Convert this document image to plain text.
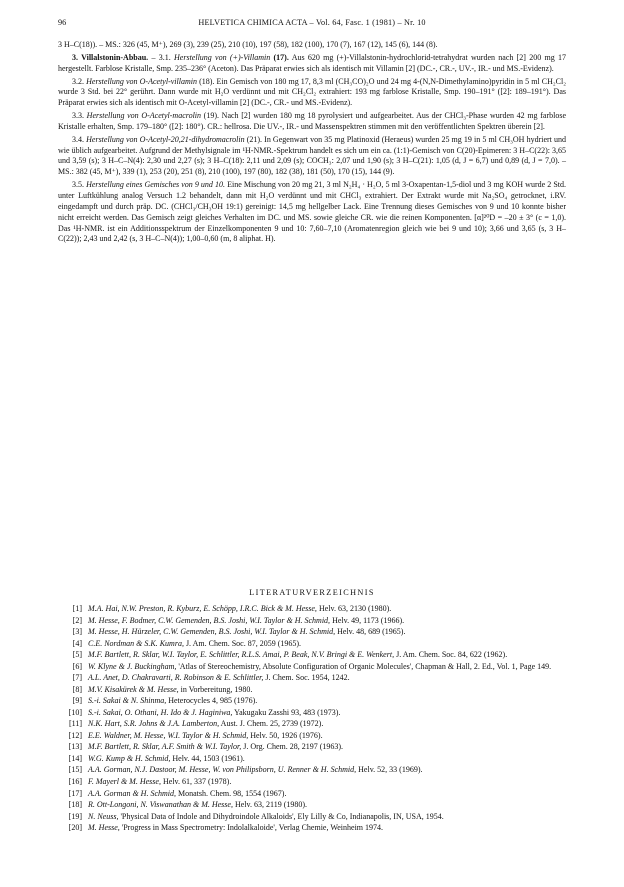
96	HELVETICA CHIMICA ACTA – Vol. 64, Fasc. 1 (1981) – Nr. 10

3 H–C(18)). – MS.: 326 (45, M⁺), 269 (3), 239 (25), 210 (10), 197 (58), 182 (100), 170 (7), 167 (12), 145 (6), 144 (8).

3. Villalstonin-Abbau. – 3.1. Herstellung von (+)-Villamin (17). Aus 620 mg (+)-Villalstonin-hydrochlorid-tetrahydrat wurden nach [2] 200 mg 17 hergestellt. Farblose Kristalle, Smp. 235–236° (Aceton). Das Präparat erwies sich als identisch mit Villamin [2] (DC.-, CR.-, UV.-, IR.- und MS.-Evidenz).

3.2. Herstellung von O-Acetyl-villamin (18). Ein Gemisch von 180 mg 17, 8,3 ml (CH₃CO)₂O und 24 mg 4-(N,N-Dimethylamino)pyridin in 5 ml CH₂Cl₂ wurde 3 Std. bei 22° gerührt. Dann wurde mit H₂O verdünnt und mit CH₂Cl₂ extrahiert: 193 mg farblose Kristalle, Smp. 190–191° ([2]: 189–191°). Das Präparat erwies sich als identisch mit O-Acetyl-villamin [2] (DC.-, CR.- und MS.-Evidenz).

3.3. Herstellung von O-Acetyl-macrolin (19). Nach [2] wurden 180 mg 18 pyrolysiert und aufgearbeitet. Aus der CHCl₃-Phase wurden 42 mg farblose Kristalle erhalten, Smp. 179–180° ([2]: 180°). CR.: hellrosa. Die UV.-, IR.- und Massenspektren stimmen mit den veröffentlichten Spektren überein [2].

3.4. Herstellung von O-Acetyl-20,21-dihydromacrolin (21). In Gegenwart von 35 mg Platinoxid (Heraeus) wurden 25 mg 19 in 5 ml CH₃OH hydriert und wie üblich aufgearbeitet. Aufgrund der Methylsignale im ¹H-NMR.-Spektrum handelt es sich um ein ca. (1:1)-Gemisch von C(20)-Epimeren: 3 H–C(22): 3,65 und 3,59 (s); 3 H–C–N(4): 2,30 und 2,27 (s); 3 H–C(18): 2,11 und 2,09 (s); COCH₃: 2,07 und 1,90 (s); 3 H–C(21): 1,05 (d, J = 6,7) und 0,89 (d, J = 7,0). – MS.: 382 (45, M⁺), 339 (1), 253 (20), 251 (8), 210 (100), 197 (80), 182 (38), 181 (50), 170 (15), 144 (9).

3.5. Herstellung eines Gemisches von 9 und 10. Eine Mischung von 20 mg 21, 3 ml N₂H₄ · H₂O, 5 ml 3-Oxapentan-1,5-diol und 3 mg KOH wurde 2 Std. unter Luftkühlung analog Versuch 1.2 behandelt, dann mit H₂O verdünnt und mit CHCl₃ extrahiert. Der Extrakt wurde mit Na₂SO₄ getrocknet, i.RV. eingedampft und durch präp. DC. (CHCl₃/CH₃OH 19:1) gereinigt: 14,5 mg hellgelber Lack. Eine Trennung dieses Gemisches von 9 und 10 konnte bisher nicht erreicht werden. Das Gemisch zeigt gleiches Verhalten im DC. und MS. sowie gleiche CR. wie die reinen Komponenten. [α]²⁰D = –20 ± 3° (c = 1,0). Das ¹H-NMR. ist ein Additionsspektrum der Einzelkomponenten 9 und 10: 7,60–7,10 (Aromatenregion gleich wie bei 9 und 10); 3,66 und 3,65 (s, 3 H–C(22)); 2,43 und 2,42 (s, 3 H–C–N(4)); 1,00–0,60 (m, 8 aliphat. H).

LITERATURVERZEICHNIS
[1] M.A. Hai, N.W. Preston, R. Kyburz, E. Schöpp, I.R.C. Bick & M. Hesse, Helv. 63, 2130 (1980).
[2] M. Hesse, F. Bodmer, C.W. Gemenden, B.S. Joshi, W.I. Taylor & H. Schmid, Helv. 49, 1173 (1966).
[3] M. Hesse, H. Hürzeler, C.W. Gemenden, B.S. Joshi, W.I. Taylor & H. Schmid, Helv. 48, 689 (1965).
[4] C.E. Nordman & S.K. Kumra, J. Am. Chem. Soc. 87, 2059 (1965).
[5] M.F. Bartlett, R. Sklar, W.I. Taylor, E. Schlittler, R.L.S. Amai, P. Beak, N.V. Bringi & E. Wenkert, J. Am. Chem. Soc. 84, 622 (1962).
[6] W. Klyne & J. Buckingham, 'Atlas of Stereochemistry, Absolute Configuration of Organic Molecules', Chapman & Hall, 2. Ed., Vol. 1, Page 149.
[7] A.L. Anet, D. Chakravarti, R. Robinson & E. Schlittler, J. Chem. Soc. 1954, 1242.
[8] M.V. Kisakürek & M. Hesse, in Vorbereitung, 1980.
[9] S.-i. Sakai & N. Shinma, Heterocycles 4, 985 (1976).
[10] S.-i. Sakai, O. Othani, H. Ido & J. Haginiwa, Yakugaku Zasshi 93, 483 (1973).
[11] N.K. Hart, S.R. Johns & J.A. Lamberton, Aust. J. Chem. 25, 2739 (1972).
[12] E.E. Waldner, M. Hesse, W.I. Taylor & H. Schmid, Helv. 50, 1926 (1976).
[13] M.F. Bartlett, R. Sklar, A.F. Smith & W.I. Taylor, J. Org. Chem. 28, 2197 (1963).
[14] W.G. Kump & H. Schmid, Helv. 44, 1503 (1961).
[15] A.A. Gorman, N.J. Dastoor, M. Hesse, W. von Philipsborn, U. Renner & H. Schmid, Helv. 52, 33 (1969).
[16] F. Mayerl & M. Hesse, Helv. 61, 337 (1978).
[17] A.A. Gorman & H. Schmid, Monatsh. Chem. 98, 1554 (1967).
[18] R. Ott-Longoni, N. Viswanathan & M. Hesse, Helv. 63, 2119 (1980).
[19] N. Neuss, 'Physical Data of Indole and Dihydroindole Alkaloids', Ely Lilly & Co, Indianapolis, IN, USA, 1954.
[20] M. Hesse, 'Progress in Mass Spectrometry: Indolalkaloide', Verlag Chemie, Weinheim 1974.
